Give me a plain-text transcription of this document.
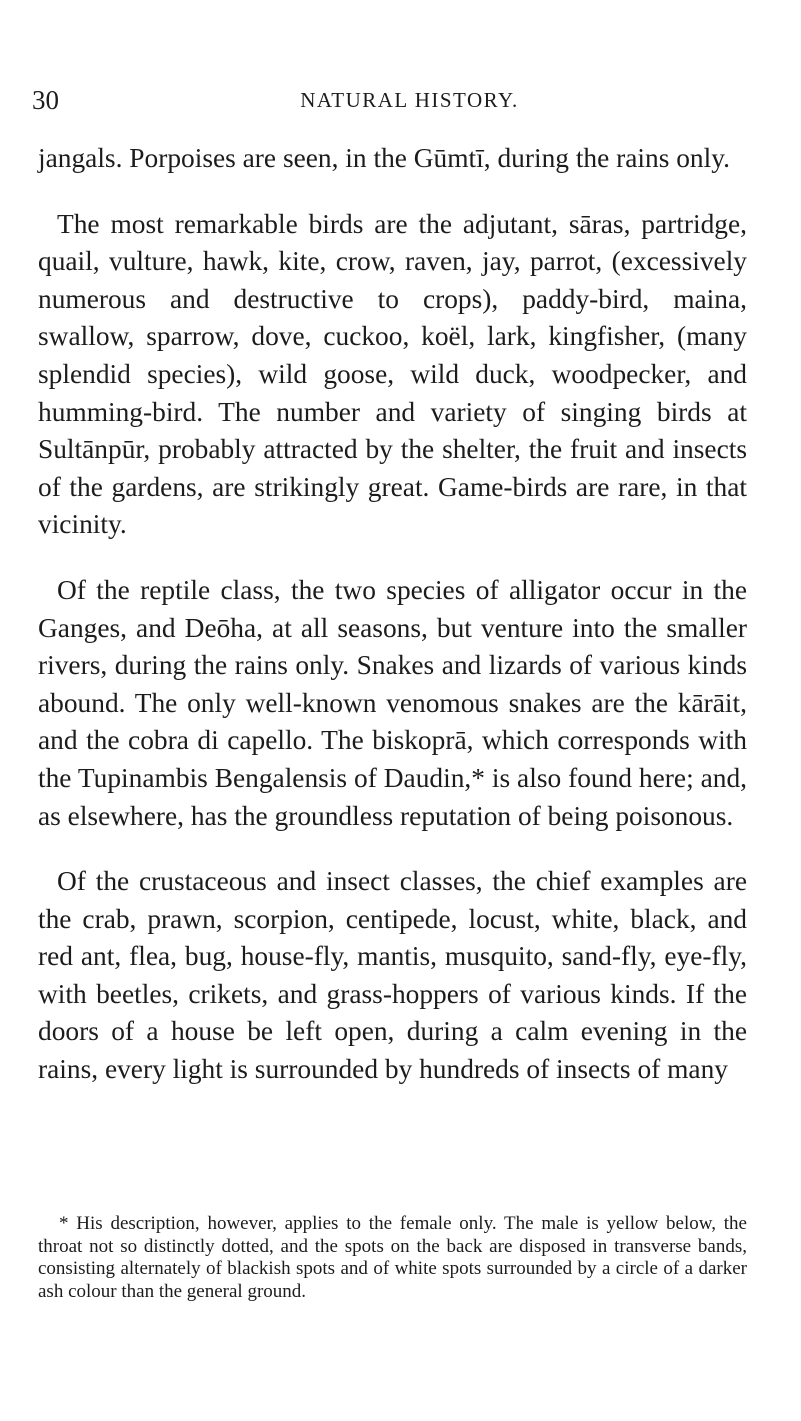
30	NATURAL HISTORY.

jangals. Porpoises are seen, in the Gūmtī, during the rains only.

The most remarkable birds are the adjutant, sāras, partridge, quail, vulture, hawk, kite, crow, raven, jay, parrot, (excessively numerous and destructive to crops), paddy-bird, maina, swallow, sparrow, dove, cuckoo, koël, lark, kingfisher, (many splendid species), wild goose, wild duck, woodpecker, and humming-bird. The number and variety of singing birds at Sultānpūr, probably attracted by the shelter, the fruit and insects of the gardens, are strikingly great. Game-birds are rare, in that vicinity.

Of the reptile class, the two species of alligator occur in the Ganges, and Deōha, at all seasons, but venture into the smaller rivers, during the rains only. Snakes and lizards of various kinds abound. The only well-known venomous snakes are the kārāit, and the cobra di capello. The biskoprā, which corresponds with the Tupinambis Bengalensis of Daudin,* is also found here; and, as elsewhere, has the groundless reputation of being poisonous.

Of the crustaceous and insect classes, the chief examples are the crab, prawn, scorpion, centipede, locust, white, black, and red ant, flea, bug, house-fly, mantis, musquito, sand-fly, eye-fly, with beetles, crikets, and grass-hoppers of various kinds. If the doors of a house be left open, during a calm evening in the rains, every light is surrounded by hundreds of insects of many

* His description, however, applies to the female only. The male is yellow below, the throat not so distinctly dotted, and the spots on the back are disposed in transverse bands, consisting alternately of blackish spots and of white spots surrounded by a circle of a darker ash colour than the general ground.
